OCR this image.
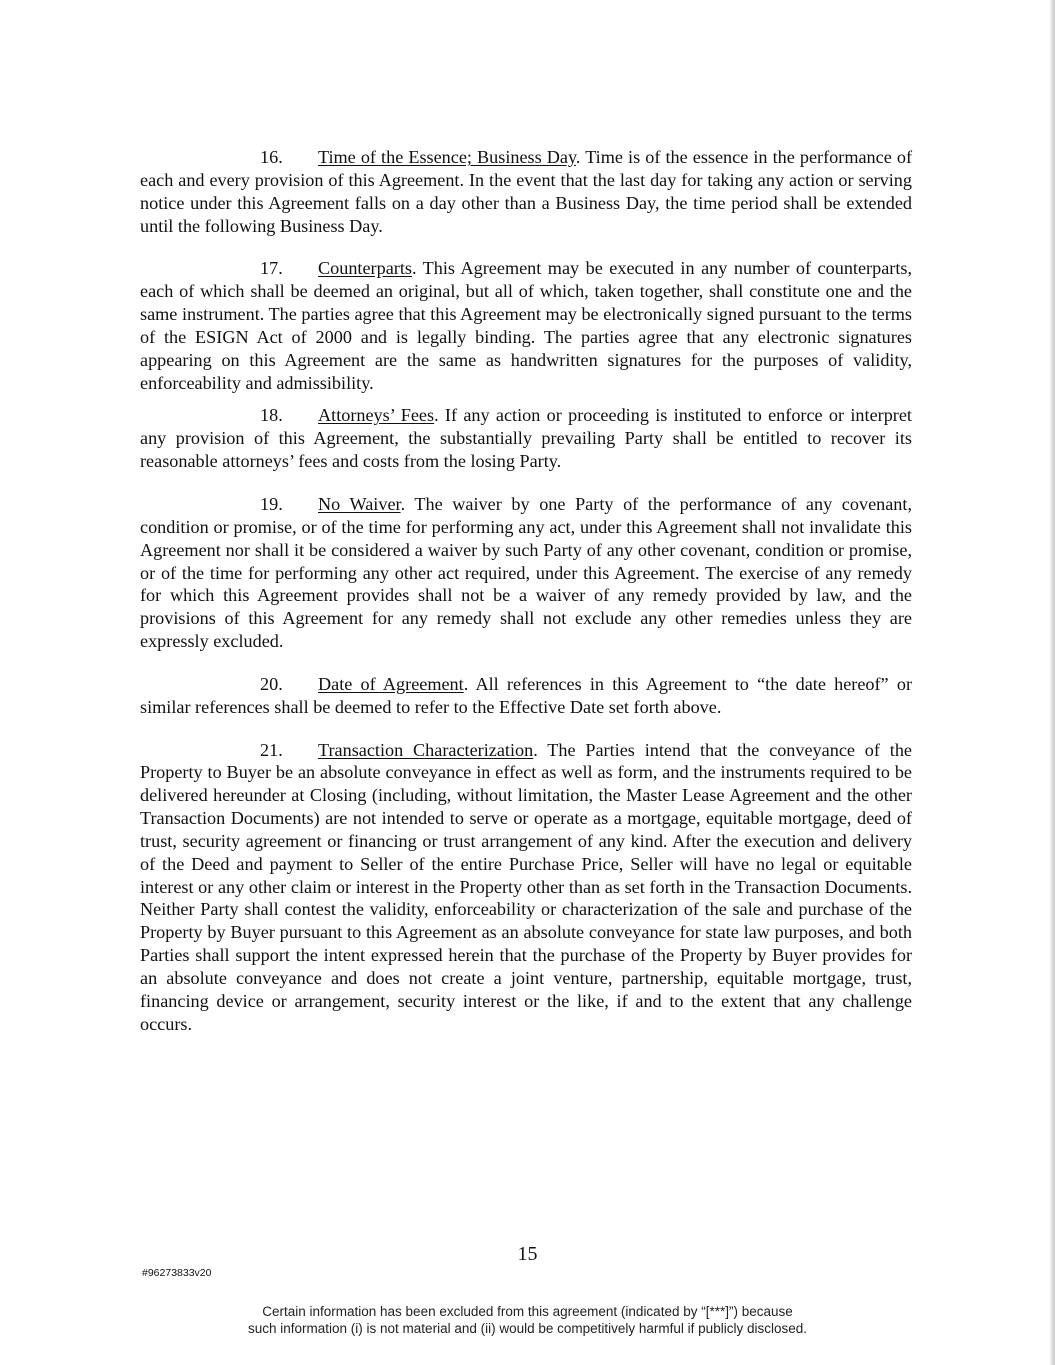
16. Time of the Essence; Business Day. Time is of the essence in the performance of each and every provision of this Agreement. In the event that the last day for taking any action or serving notice under this Agreement falls on a day other than a Business Day, the time period shall be extended until the following Business Day.

17. Counterparts. This Agreement may be executed in any number of counterparts, each of which shall be deemed an original, but all of which, taken together, shall constitute one and the same instrument. The parties agree that this Agreement may be electronically signed pursuant to the terms of the ESIGN Act of 2000 and is legally binding. The parties agree that any electronic signatures appearing on this Agreement are the same as handwritten signatures for the purposes of validity, enforceability and admissibility.

18. Attorneys’ Fees. If any action or proceeding is instituted to enforce or interpret any provision of this Agreement, the substantially prevailing Party shall be entitled to recover its reasonable attorneys’ fees and costs from the losing Party.

19. No Waiver. The waiver by one Party of the performance of any covenant, condition or promise, or of the time for performing any act, under this Agreement shall not invalidate this Agreement nor shall it be considered a waiver by such Party of any other covenant, condition or promise, or of the time for performing any other act required, under this Agreement. The exercise of any remedy for which this Agreement provides shall not be a waiver of any remedy provided by law, and the provisions of this Agreement for any remedy shall not exclude any other remedies unless they are expressly excluded.

20. Date of Agreement. All references in this Agreement to “the date hereof” or similar references shall be deemed to refer to the Effective Date set forth above.

21. Transaction Characterization. The Parties intend that the conveyance of the Property to Buyer be an absolute conveyance in effect as well as form, and the instruments required to be delivered hereunder at Closing (including, without limitation, the Master Lease Agreement and the other Transaction Documents) are not intended to serve or operate as a mortgage, equitable mortgage, deed of trust, security agreement or financing or trust arrangement of any kind. After the execution and delivery of the Deed and payment to Seller of the entire Purchase Price, Seller will have no legal or equitable interest or any other claim or interest in the Property other than as set forth in the Transaction Documents. Neither Party shall contest the validity, enforceability or characterization of the sale and purchase of the Property by Buyer pursuant to this Agreement as an absolute conveyance for state law purposes, and both Parties shall support the intent expressed herein that the purchase of the Property by Buyer provides for an absolute conveyance and does not create a joint venture, partnership, equitable mortgage, trust, financing device or arrangement, security interest or the like, if and to the extent that any challenge occurs.

15
#96273833v20
Certain information has been excluded from this agreement (indicated by “[***]”) because
such information (i) is not material and (ii) would be competitively harmful if publicly disclosed.
